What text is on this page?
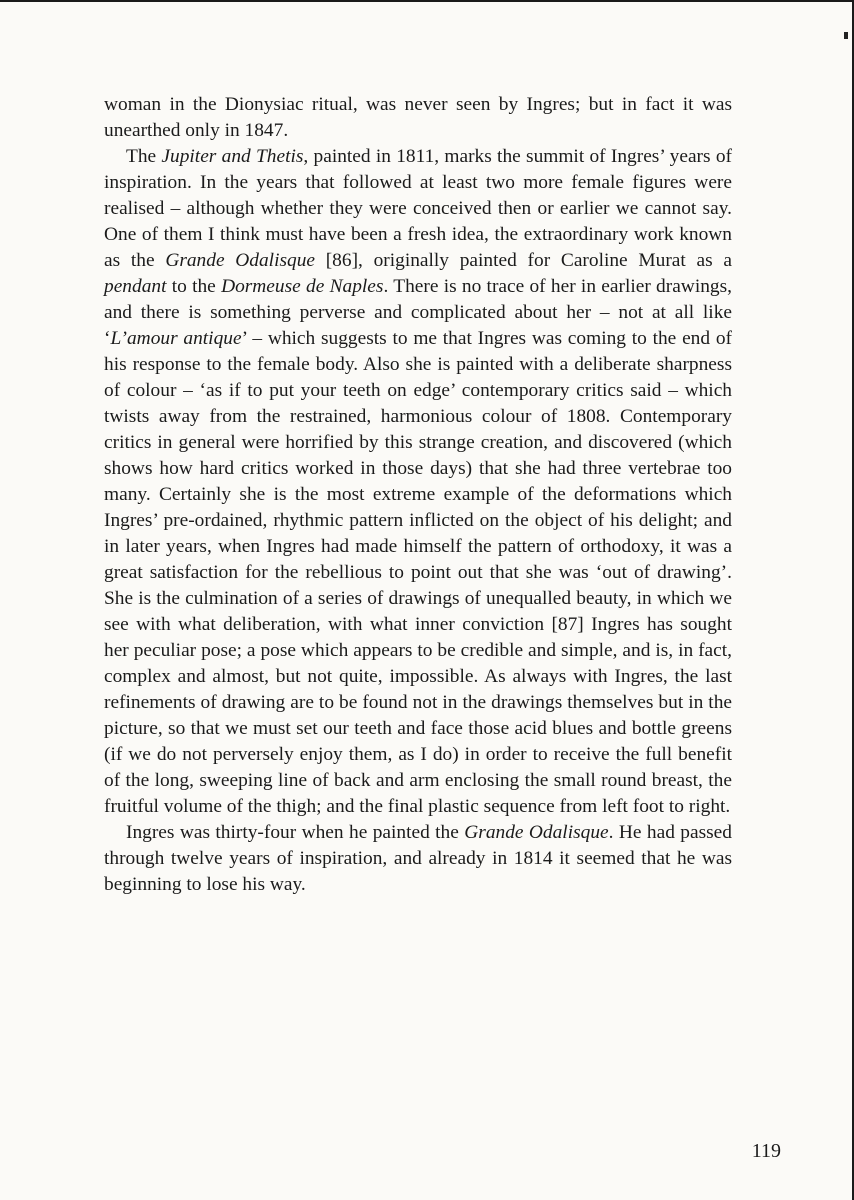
woman in the Dionysiac ritual, was never seen by Ingres; but in fact it was unearthed only in 1847.

The Jupiter and Thetis, painted in 1811, marks the summit of Ingres’ years of inspiration. In the years that followed at least two more female figures were realised – although whether they were conceived then or earlier we cannot say. One of them I think must have been a fresh idea, the extraordinary work known as the Grande Odalisque [86], originally painted for Caroline Murat as a pendant to the Dormeuse de Naples. There is no trace of her in earlier drawings, and there is something perverse and complicated about her – not at all like ‘L’amour antique’ – which suggests to me that Ingres was coming to the end of his response to the female body. Also she is painted with a deliberate sharpness of colour – ‘as if to put your teeth on edge’ contemporary critics said – which twists away from the restrained, harmonious colour of 1808. Contemporary critics in general were horrified by this strange creation, and discovered (which shows how hard critics worked in those days) that she had three vertebrae too many. Certainly she is the most extreme example of the deformations which Ingres’ pre-ordained, rhythmic pattern inflicted on the object of his delight; and in later years, when Ingres had made himself the pattern of orthodoxy, it was a great satisfaction for the rebellious to point out that she was ‘out of drawing’. She is the culmination of a series of drawings of unequalled beauty, in which we see with what deliberation, with what inner conviction [87] Ingres has sought her peculiar pose; a pose which appears to be credible and simple, and is, in fact, complex and almost, but not quite, impossible. As always with Ingres, the last refinements of drawing are to be found not in the drawings themselves but in the picture, so that we must set our teeth and face those acid blues and bottle greens (if we do not perversely enjoy them, as I do) in order to receive the full benefit of the long, sweeping line of back and arm enclosing the small round breast, the fruitful volume of the thigh; and the final plastic sequence from left foot to right.

Ingres was thirty-four when he painted the Grande Odalisque. He had passed through twelve years of inspiration, and already in 1814 it seemed that he was beginning to lose his way.

119
